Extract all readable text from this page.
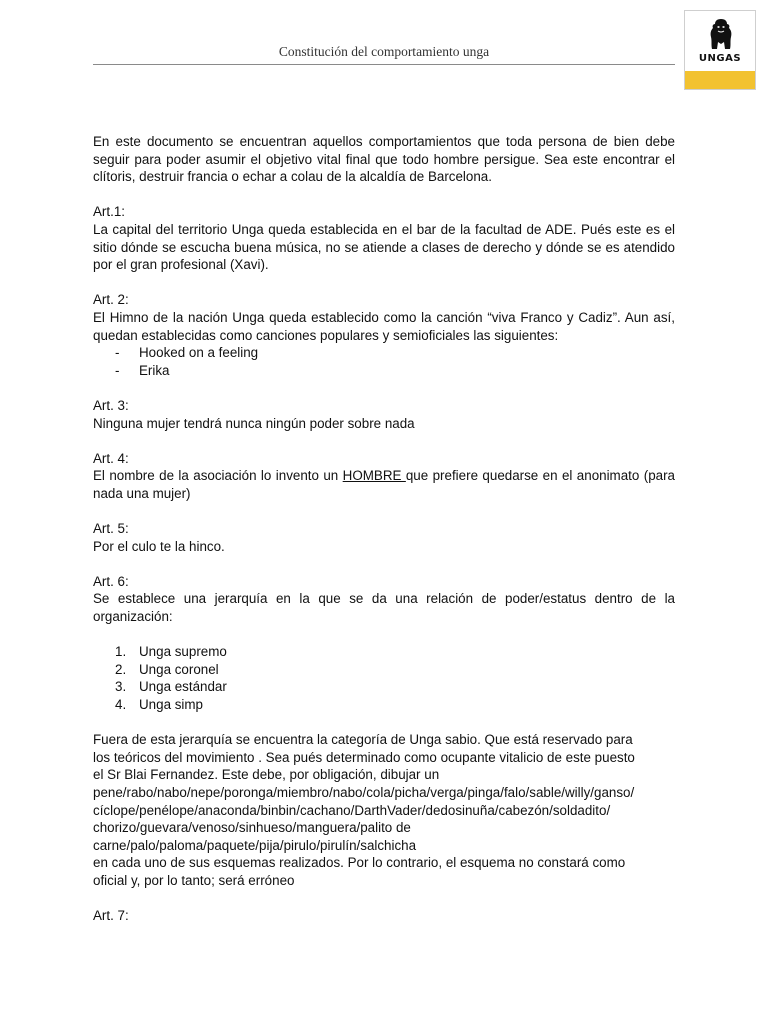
Constitución del comportamiento unga	UNGAS

En este documento se encuentran aquellos comportamientos que toda persona de bien debe seguir para poder asumir el objetivo vital final que todo hombre persigue. Sea este encontrar el clítoris, destruir francia o echar a colau de la alcaldía de Barcelona.

Art.1:

La capital del territorio Unga queda establecida en el bar de la facultad de ADE. Pués este es el sitio dónde se escucha buena música, no se atiende a clases de derecho y dónde se es atendido por el gran profesional (Xavi).

Art. 2:

El Himno de la nación Unga queda establecido como la canción “viva Franco y Cadiz”. Aun así, quedan establecidas como canciones populares y semioficiales las siguientes:

- Hooked on a feeling
- Erika

Art. 3:

Ninguna mujer tendrá nunca ningún poder sobre nada

Art. 4:

El nombre de la asociación lo invento un HOMBRE que prefiere quedarse en el anonimato (para nada una mujer)

Art. 5:

Por el culo te la hinco.

Art. 6:

Se establece una jerarquía en la que se da una relación de poder/estatus dentro de la organización:

1. Unga supremo
2. Unga coronel
3. Unga estándar
4. Unga simp

Fuera de esta jerarquía se encuentra la categoría de Unga sabio. Que está reservado para

los teóricos del movimiento . Sea pués determinado como ocupante vitalicio de este puesto

el Sr Blai Fernandez. Este debe, por obligación, dibujar un

pene/rabo/nabo/nepe/poronga/miembro/nabo/cola/picha/verga/pinga/falo/sable/willy/ganso/

cíclope/penélope/anaconda/binbin/cachano/DarthVader/dedosinuña/cabezón/soldadito/

chorizo/guevara/venoso/sinhueso/manguera/palito de

carne/palo/paloma/paquete/pija/pirulo/pirulín/salchicha

en cada uno de sus esquemas realizados. Por lo contrario, el esquema no constará como

oficial y, por lo tanto; será erróneo

Art. 7:
